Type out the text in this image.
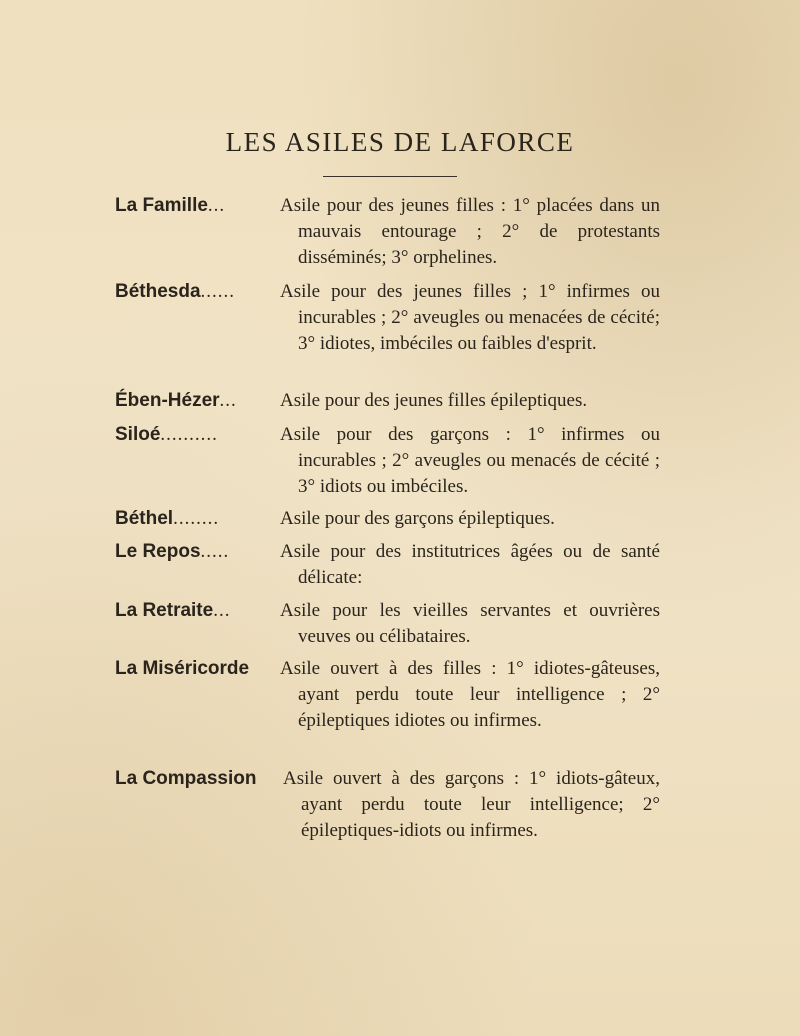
LES ASILES DE LAFORCE
La Famille...	Asile pour des jeunes filles : 1° placées dans un mauvais entourage ; 2° de protestants disséminés; 3° orphelines.
Béthesda......	Asile pour des jeunes filles ; 1° infirmes ou incurables ; 2° aveugles ou menacées de cécité; 3° idiotes, imbéciles ou faibles d'esprit.
Ében-Hézer...	Asile pour des jeunes filles épileptiques.
Siloé..........	Asile pour des garçons : 1° infirmes ou incurables ; 2° aveugles ou menacés de cécité ; 3° idiots ou imbéciles.
Béthel........	Asile pour des garçons épileptiques.
Le Repos.....	Asile pour des institutrices âgées ou de santé délicate:
La Retraite...	Asile pour les vieilles servantes et ouvrières veuves ou célibataires.
La Miséricorde	Asile ouvert à des filles : 1° idiotes-gâteuses, ayant perdu toute leur intelligence ; 2° épileptiques idiotes ou infirmes.
La Compassion	Asile ouvert à des garçons : 1° idiots-gâteux, ayant perdu toute leur intelligence; 2° épileptiques-idiots ou infirmes.
